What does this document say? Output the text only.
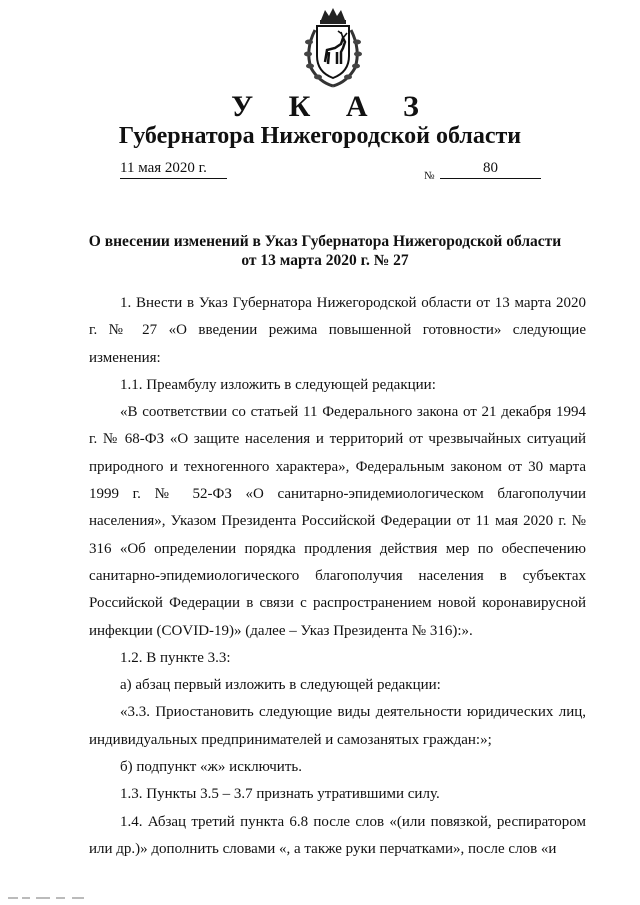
У К А З
Губернатора Нижегородской области
11 мая 2020 г.	№	80
О внесении изменений в Указ Губернатора Нижегородской области
от 13 марта 2020 г. № 27

1. Внести в Указ Губернатора Нижегородской области от 13 марта 2020 г. № 27 «О введении режима повышенной готовности» следующие изменения:

1.1. Преамбулу изложить в следующей редакции:

«В соответствии со статьей 11 Федерального закона от 21 декабря 1994 г. № 68-ФЗ «О защите населения и территорий от чрезвычайных ситуаций природного и техногенного характера», Федеральным законом от 30 марта 1999 г. № 52-ФЗ «О санитарно-эпидемиологическом благополучии населения», Указом Президента Российской Федерации от 11 мая 2020 г. № 316 «Об определении порядка продления действия мер по обеспечению санитарно-эпидемиологического благополучия населения в субъектах Российской Федерации в связи с распространением новой коронавирусной инфекции (COVID-19)» (далее – Указ Президента № 316):».

1.2. В пункте 3.3:

а) абзац первый изложить в следующей редакции:

«3.3. Приостановить следующие виды деятельности юридических лиц, индивидуальных предпринимателей и самозанятых граждан:»;

б) подпункт «ж» исключить.

1.3. Пункты 3.5 – 3.7 признать утратившими силу.

1.4. Абзац третий пункта 6.8 после слов «(или повязкой, респиратором или др.)» дополнить словами «, а также руки перчатками», после слов «и
